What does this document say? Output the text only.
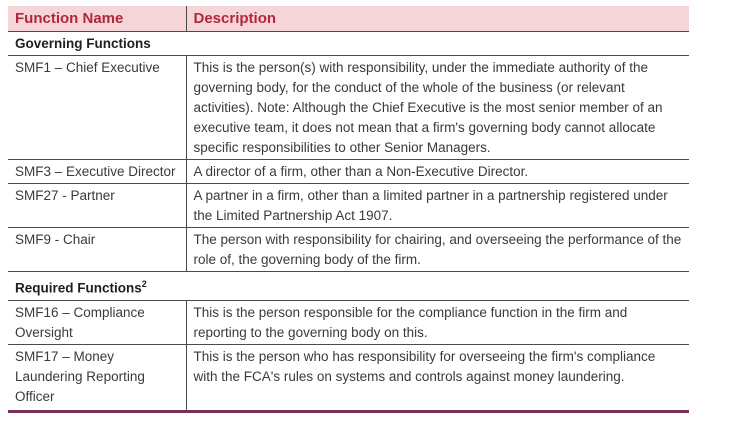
Function Name	Description
Governing Functions	
SMF1 – Chief Executive	This is the person(s) with responsibility, under the immediate authority of the governing body, for the conduct of the whole of the business (or relevant activities). Note: Although the Chief Executive is the most senior member of an executive team, it does not mean that a firm's governing body cannot allocate specific responsibilities to other Senior Managers.
SMF3 – Executive Director	A director of a firm, other than a Non-Executive Director.
SMF27 - Partner	A partner in a firm, other than a limited partner in a partnership registered under the Limited Partnership Act 1907.
SMF9 - Chair	The person with responsibility for chairing, and overseeing the performance of the role of, the governing body of the firm.
Required Functions$^2$
SMF16 – Compliance Oversight	This is the person responsible for the compliance function in the firm and reporting to the governing body on this.
SMF17 – Money Laundering Reporting Officer	This is the person who has responsibility for overseeing the firm's compliance with the FCA's rules on systems and controls against money laundering.
